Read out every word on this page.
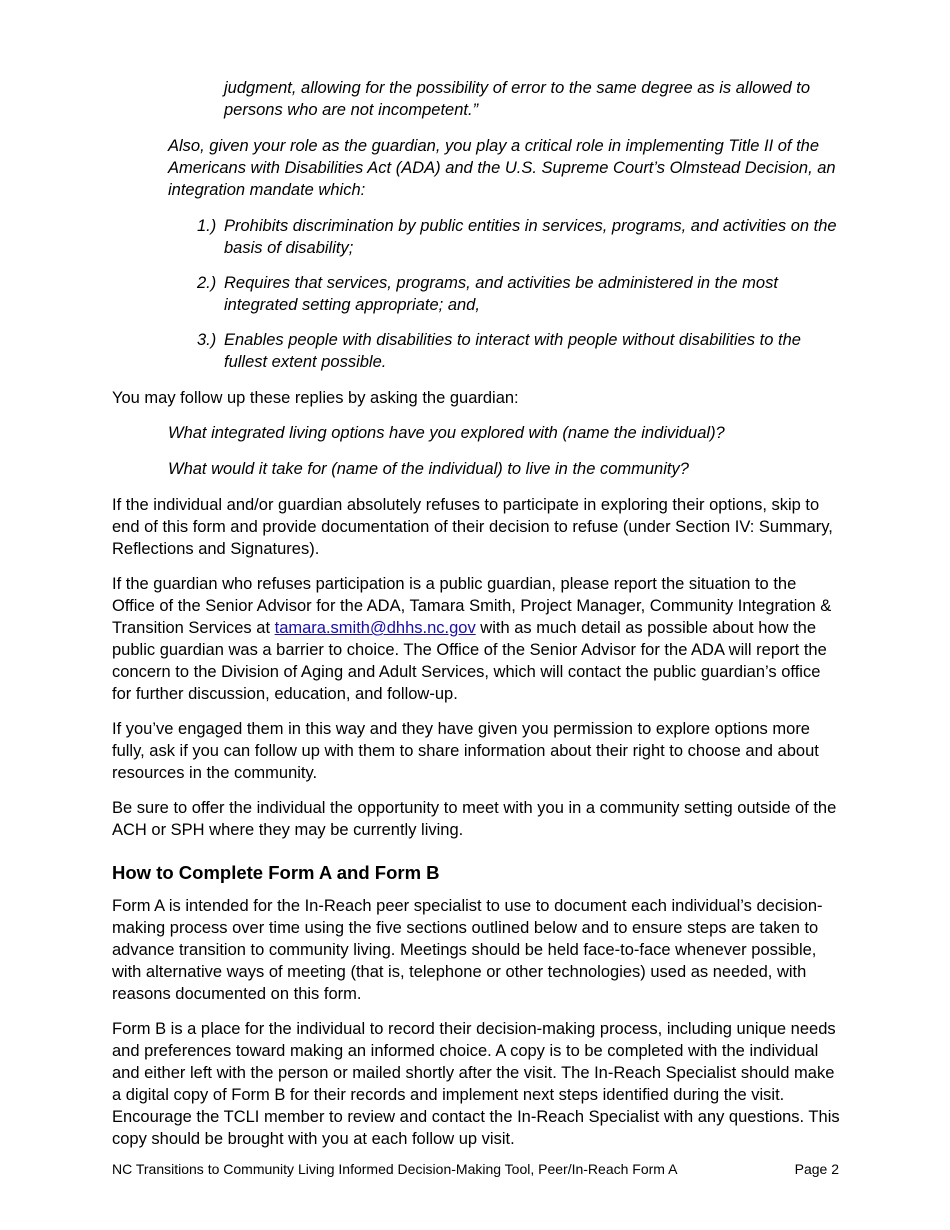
judgment, allowing for the possibility of error to the same degree as is allowed to
persons who are not incompetent.”

Also, given your role as the guardian, you play a critical role in implementing Title II of the Americans with Disabilities Act (ADA) and the U.S. Supreme Court’s Olmstead Decision, an integration mandate which:

1.) Prohibits discrimination by public entities in services, programs, and activities on the basis of disability;
2.) Requires that services, programs, and activities be administered in the most integrated setting appropriate; and,
3.) Enables people with disabilities to interact with people without disabilities to the fullest extent possible.

You may follow up these replies by asking the guardian:

What integrated living options have you explored with (name the individual)?

What would it take for (name of the individual) to live in the community?

If the individual and/or guardian absolutely refuses to participate in exploring their options, skip to end of this form and provide documentation of their decision to refuse (under Section IV: Summary, Reflections and Signatures).

If the guardian who refuses participation is a public guardian, please report the situation to the Office of the Senior Advisor for the ADA, Tamara Smith, Project Manager, Community Integration & Transition Services at tamara.smith@dhhs.nc.gov with as much detail as possible about how the public guardian was a barrier to choice. The Office of the Senior Advisor for the ADA will report the concern to the Division of Aging and Adult Services, which will contact the public guardian’s office for further discussion, education, and follow-up.

If you’ve engaged them in this way and they have given you permission to explore options more fully, ask if you can follow up with them to share information about their right to choose and about resources in the community.

Be sure to offer the individual the opportunity to meet with you in a community setting outside of the ACH or SPH where they may be currently living.

How to Complete Form A and Form B

Form A is intended for the In-Reach peer specialist to use to document each individual’s decision-making process over time using the five sections outlined below and to ensure steps are taken to advance transition to community living. Meetings should be held face-to-face whenever possible, with alternative ways of meeting (that is, telephone or other technologies) used as needed, with reasons documented on this form.

Form B is a place for the individual to record their decision-making process, including unique needs and preferences toward making an informed choice. A copy is to be completed with the individual and either left with the person or mailed shortly after the visit. The In-Reach Specialist should make a digital copy of Form B for their records and implement next steps identified during the visit. Encourage the TCLI member to review and contact the In-Reach Specialist with any questions. This copy should be brought with you at each follow up visit.

NC Transitions to Community Living Informed Decision-Making Tool, Peer/In-Reach Form A	Page 2
